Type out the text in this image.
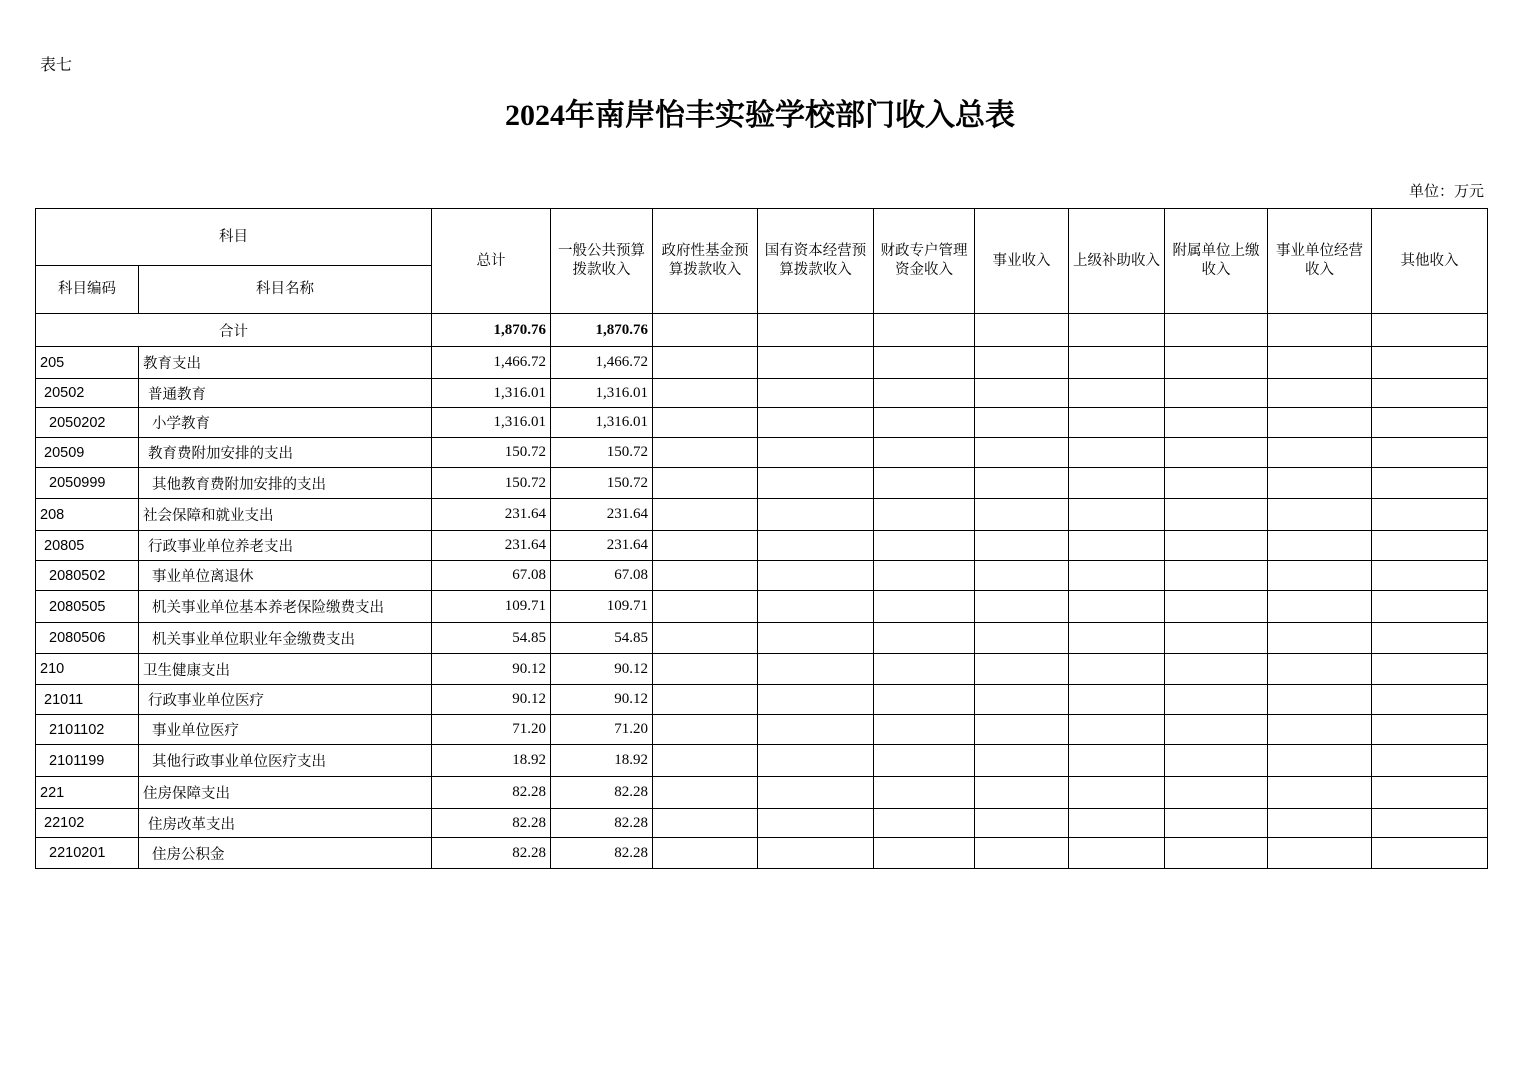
表七
2024年南岸怡丰实验学校部门收入总表
单位：万元
科目		总计	一般公共预算拨款收入	政府性基金预算拨款收入	国有资本经营预算拨款收入	财政专户管理资金收入	事业收入	上级补助收入	附属单位上缴收入	事业单位经营收入	其他收入
科目编码	科目名称										
合计		1,870.76	1,870.76								
205	教育支出	1,466.72	1,466.72								
20502	普通教育	1,316.01	1,316.01								
2050202	小学教育	1,316.01	1,316.01								
20509	教育费附加安排的支出	150.72	150.72								
2050999	其他教育费附加安排的支出	150.72	150.72								
208	社会保障和就业支出	231.64	231.64								
20805	行政事业单位养老支出	231.64	231.64								
2080502	事业单位离退休	67.08	67.08								
2080505	机关事业单位基本养老保险缴费支出	109.71	109.71								
2080506	机关事业单位职业年金缴费支出	54.85	54.85								
210	卫生健康支出	90.12	90.12								
21011	行政事业单位医疗	90.12	90.12								
2101102	事业单位医疗	71.20	71.20								
2101199	其他行政事业单位医疗支出	18.92	18.92								
221	住房保障支出	82.28	82.28								
22102	住房改革支出	82.28	82.28								
2210201	住房公积金	82.28	82.28								
